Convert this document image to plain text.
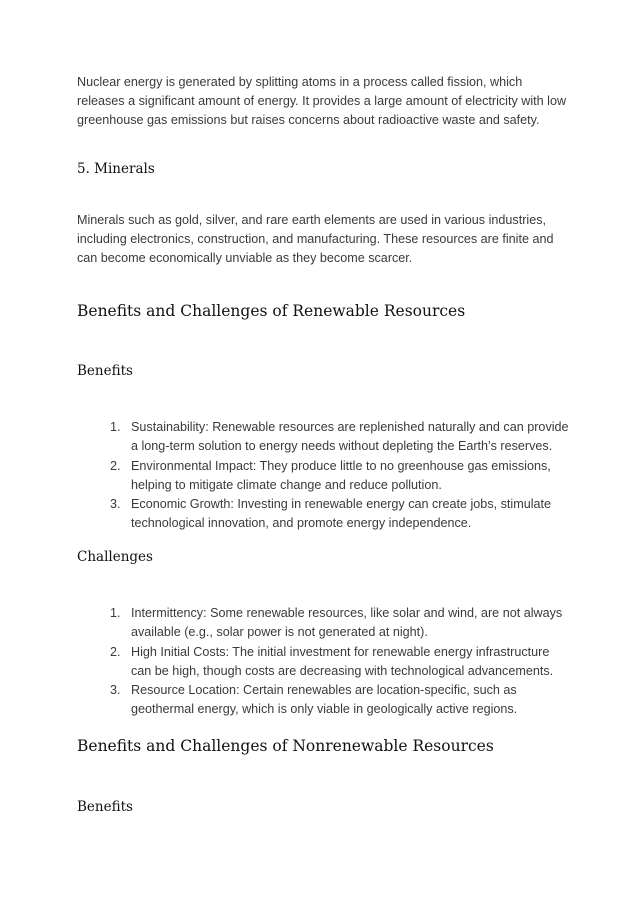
Nuclear energy is generated by splitting atoms in a process called fission, which
releases a significant amount of energy. It provides a large amount of electricity with low
greenhouse gas emissions but raises concerns about radioactive waste and safety.

5. Minerals

Minerals such as gold, silver, and rare earth elements are used in various industries,
including electronics, construction, and manufacturing. These resources are finite and
can become economically unviable as they become scarcer.

Benefits and Challenges of Renewable Resources
Benefits
1. Sustainability: Renewable resources are replenished naturally and can provide
a long-term solution to energy needs without depleting the Earth’s reserves.
2. Environmental Impact: They produce little to no greenhouse gas emissions,
helping to mitigate climate change and reduce pollution.
3. Economic Growth: Investing in renewable energy can create jobs, stimulate
technological innovation, and promote energy independence.
Challenges
1. Intermittency: Some renewable resources, like solar and wind, are not always
available (e.g., solar power is not generated at night).
2. High Initial Costs: The initial investment for renewable energy infrastructure
can be high, though costs are decreasing with technological advancements.
3. Resource Location: Certain renewables are location-specific, such as
geothermal energy, which is only viable in geologically active regions.
Benefits and Challenges of Nonrenewable Resources
Benefits
